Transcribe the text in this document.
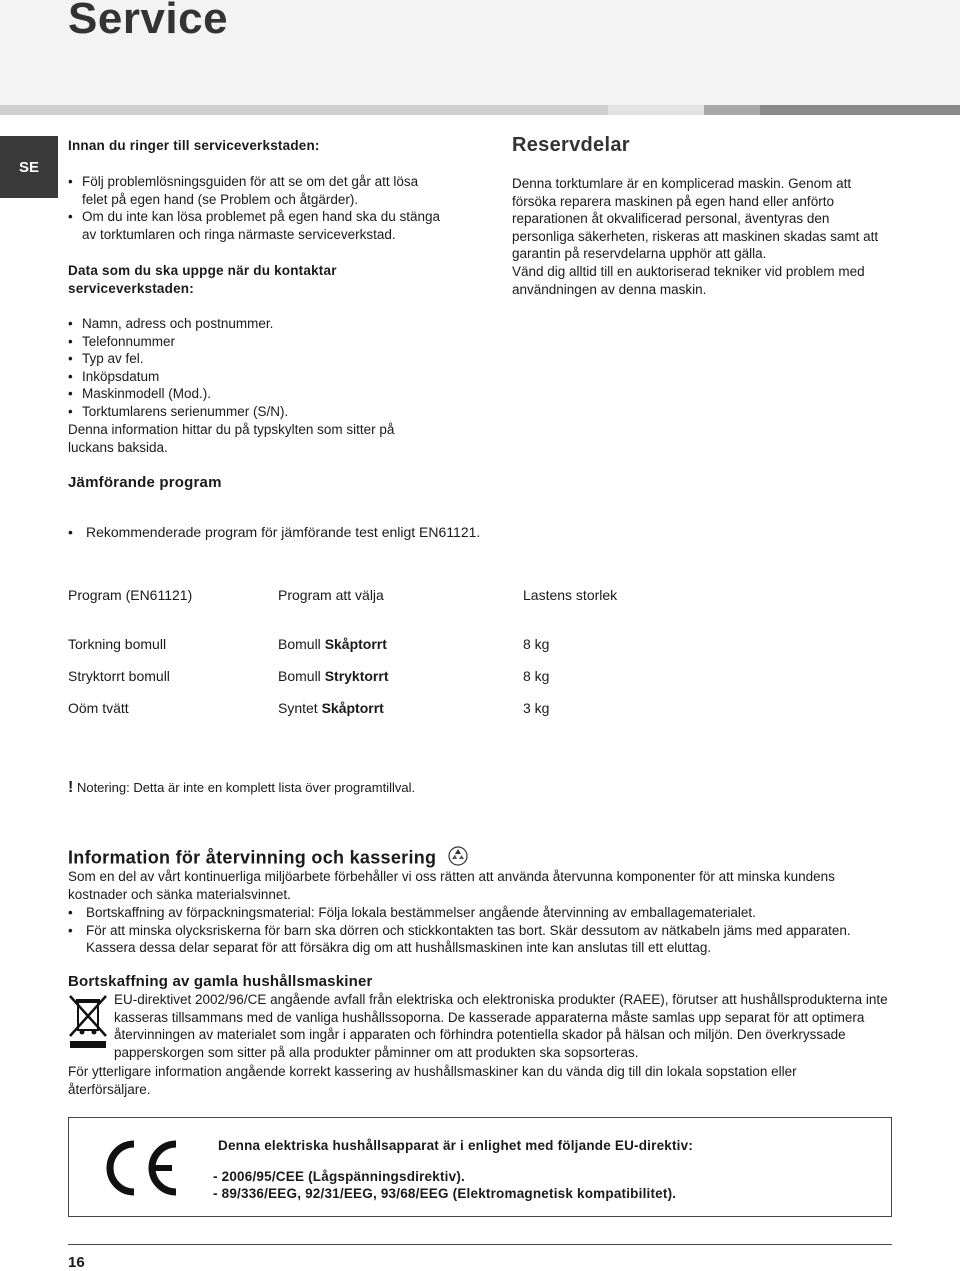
Service
SE
Innan du ringer till serviceverkstaden:
• Följ problemlösningsguiden för att se om det går att lösa felet på egen hand (se Problem och åtgärder).
• Om du inte kan lösa problemet på egen hand ska du stänga av torktumlaren och ringa närmaste serviceverkstad.
Data som du ska uppge när du kontaktar serviceverkstaden:
• Namn, adress och postnummer.
• Telefonnummer
• Typ av fel.
• Inköpsdatum
• Maskinmodell (Mod.).
• Torktumlarens serienummer (S/N).
Denna information hittar du på typskylten som sitter på luckans baksida.
Reservdelar
Denna torktumlare är en komplicerad maskin. Genom att försöka reparera maskinen på egen hand eller anförto reparationen åt okvalificerad personal, äventyras den personliga säkerheten, riskeras att maskinen skadas samt att garantin på reservdelarna upphör att gälla.
Vänd dig alltid till en auktoriserad tekniker vid problem med användningen av denna maskin.
Jämförande program
• Rekommenderade program för jämförande test enligt EN61121.
Program (EN61121)	Program att välja	Lastens storlek
Torkning bomull	Bomull Skåptorrt	8 kg
Stryktorrt bomull	Bomull Stryktorrt	8 kg
Oöm tvätt	Syntet Skåptorrt	3 kg
! Notering: Detta är inte en komplett lista över programtillval.
Information för återvinning och kassering
Som en del av vårt kontinuerliga miljöarbete förbehåller vi oss rätten att använda återvunna komponenter för att minska kundens kostnader och sänka materialsvinnet.
• Bortskaffning av förpackningsmaterial: Följa lokala bestämmelser angående återvinning av emballagematerialet.
• För att minska olycksriskerna för barn ska dörren och stickkontakten tas bort. Skär dessutom av nätkabeln jäms med apparaten. Kassera dessa delar separat för att försäkra dig om att hushållsmaskinen inte kan anslutas till ett eluttag.
Bortskaffning av gamla hushållsmaskiner
EU-direktivet 2002/96/CE angående avfall från elektriska och elektroniska produkter (RAEE), förutser att hushållsprodukterna inte kasseras tillsammans med de vanliga hushållssoporna. De kasserade apparaterna måste samlas upp separat för att optimera återvinningen av materialet som ingår i apparaten och förhindra potentiella skador på hälsan och miljön. Den överkryssade papperskorgen som sitter på alla produkter påminner om att produkten ska sopsorteras.
För ytterligare information angående korrekt kassering av hushållsmaskiner kan du vända dig till din lokala sopstation eller återförsäljare.
Denna elektriska hushållsapparat är i enlighet med följande EU-direktiv:
- 2006/95/CEE (Lågspänningsdirektiv).
- 89/336/EEG, 92/31/EEG, 93/68/EEG (Elektromagnetisk kompatibilitet).
16
